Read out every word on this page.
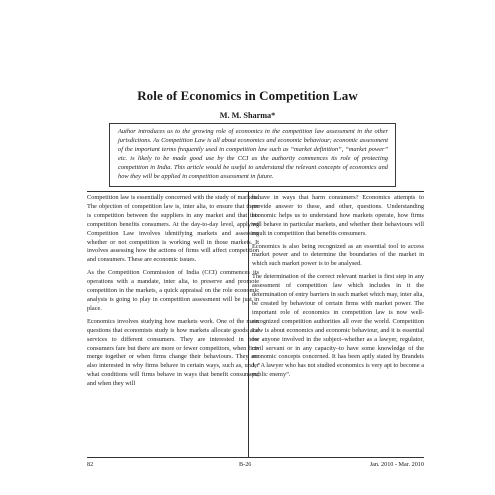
Role of Economics in Competition Law
M. M. Sharma*
Author introduces us to the growing role of economics in the competition law assessment in the other jurisdictions. As Competition Law is all about economics and economic behaviour; economic assessment of the important terms frequently used in competition law such as “market definition”, “market power” etc. is likely to be made good use by the CCI as the authority commences its role of protecting competition in India. This article would be useful to understand the relevant concepts of economics and how they will be applied in competition assessment in future.

Competition law is essentially concerned with the study of markets. The objection of competition law is, inter alia, to ensure that there is competition between the suppliers in any market and that this competition benefits consumers. At the day-to-day level, applying Competition Law involves identifying markets and assessing whether or not competition is working well in those markets. It involves assessing how the actions of firms will affect competition and consumers. These are economic issues.

As the Competition Commission of India (CCI) commences its operations with a mandate, inter alia, to preserve and promote competition in the markets, a quick appraisal on the role economic analysis is going to play in competition assessment will be just in place.

Economics involves studying how markets work. One of the main questions that economists study is how markets allocate goods and services to different consumers. They are interested in how consumers fare but there are more or fewer competitors, when firm merge together or when firms change their behaviours. They are also interested in why firms behave in certain ways, such as, under what conditions will firms behave in ways that benefit consumers; and when they will

behave in ways that harm consumers? Economics attempts to provide answer to these, and other, questions. Understanding economic helps us to understand how markets operate, how firms will behave in particular markets, and whether their behaviours will result in competition that benefits consumers.

Economics is also being recognized as an essential tool to access market power and to determine the boundaries of the market in which such market power is to be analysed.

The determination of the correct relevant market is first step in any assessment of competition law which includes in it the determination of entry barriers in such market which may, inter alia, be created by behaviour of certain firms with market power. The important role of economics in competition law is now well-recognized competition authorities all over the world. Competition Law is about economics and economic behaviour, and it is essential for anyone involved in the subject–whether as a lawyer, regulator, civil servant or in any capacity–to have some knowledge of the economic concepts concerned. It has been aptly stated by Brandeis J, “A lawyer who has not studied economics is very apt to become a public enemy”.

82	B-26	Jan. 2010 - Mar. 2010
